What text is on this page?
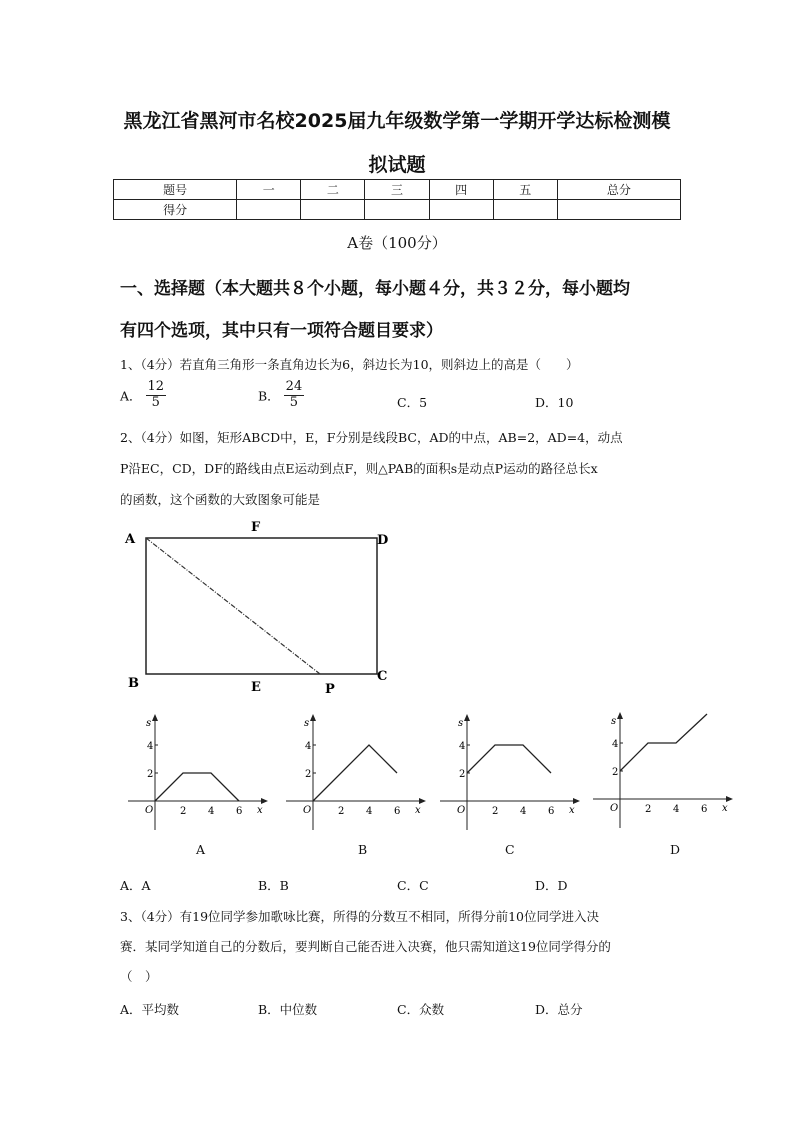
黑龙江省黑河市名校2025届九年级数学第一学期开学达标检测模
拟试题
题号	一	二	三	四	五	总分
得分						
A卷（100分）
一、选择题（本大题共８个小题，每小题４分，共３２分，每小题均
有四个选项，其中只有一项符合题目要求）
1、（4分）若直角三角形一条直角边长为6，斜边长为10，则斜边上的高是（　　）
A． $\frac{12}{5}$	B． $\frac{24}{5}$	C．5	D．10
2、（4分）如图，矩形ABCD中，E，F分别是线段BC，AD的中点，AB=2，AD=4，动点
P沿EC，CD，DF的路线由点E运动到点F，则△PAB的面积s是动点P运动的路径总长x
的函数，这个函数的大致图象可能是
A
F
D
B	E	P
C
s
4
2
O	2 4 6 x
s
4
2
O	2 4 6 x
s
4
2
O	2 4 6 x
s
4
2
O	2 4 6 x
A	B	C	D
A．A	B．B	C．C	D．D
3、（4分）有19位同学参加歌咏比赛，所得的分数互不相同，所得分前10位同学进入决
赛．某同学知道自己的分数后，要判断自己能否进入决赛，他只需知道这19位同学得分的
（　）
A．平均数	B．中位数	C．众数	D．总分
